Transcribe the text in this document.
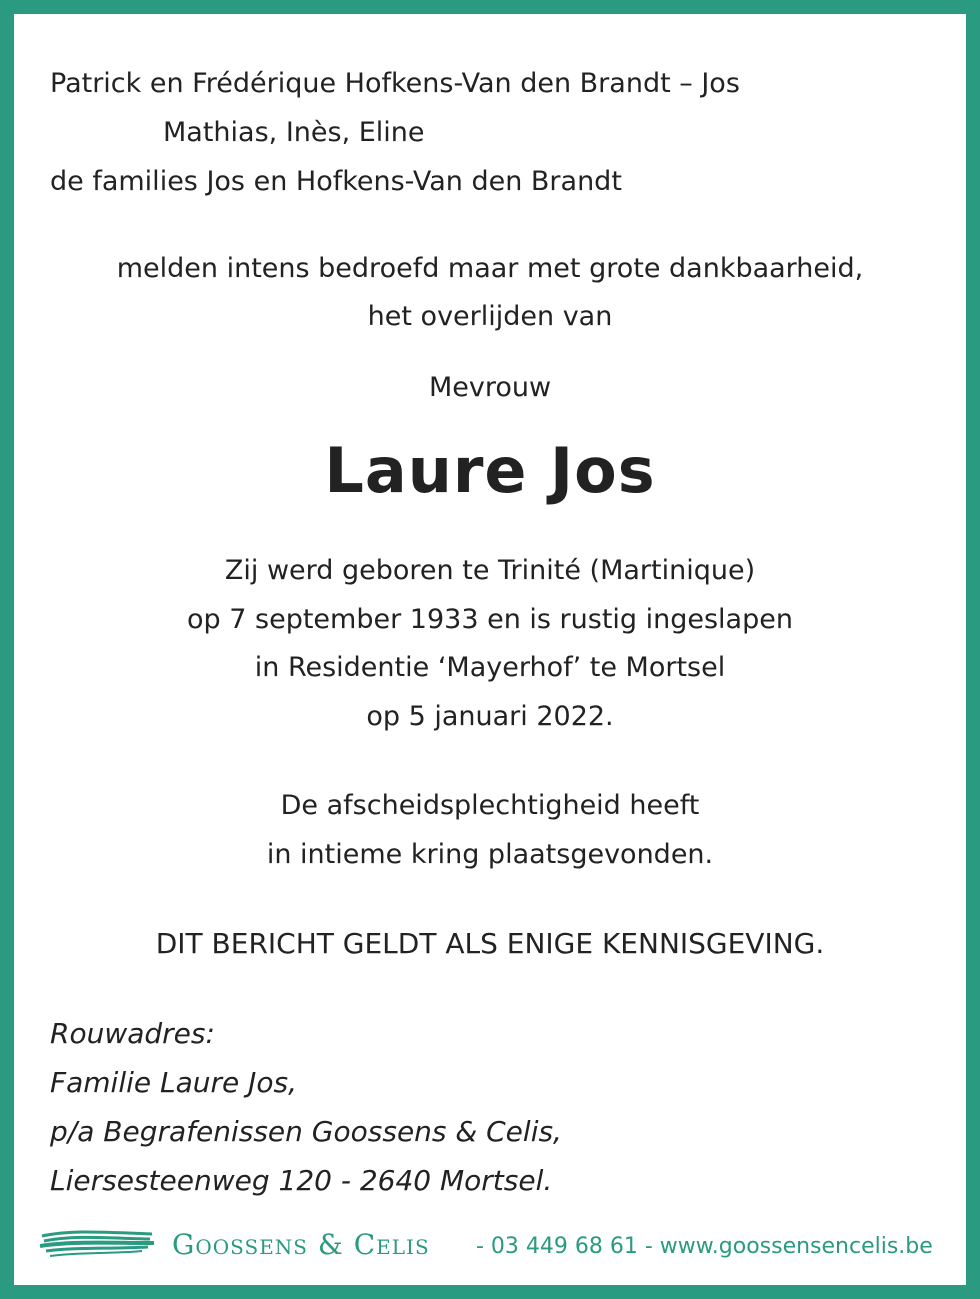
Patrick en Frédérique Hofkens-Van den Brandt – Jos
Mathias, Inès, Eline
de families Jos en Hofkens-Van den Brandt
melden intens bedroefd maar met grote dankbaarheid,
het overlijden van
Mevrouw
Laure Jos
Zij werd geboren te Trinité (Martinique)
op 7 september 1933 en is rustig ingeslapen
in Residentie ‘Mayerhof’ te Mortsel
op 5 januari 2022.
De afscheidsplechtigheid heeft
in intieme kring plaatsgevonden.
DIT BERICHT GELDT ALS ENIGE KENNISGEVING.
Rouwadres:
Familie Laure Jos,
p/a Begrafenissen Goossens & Celis,
Liersesteenweg 120 - 2640 Mortsel.
Goossens & Celis - 03 449 68 61 - www.goossensencelis.be
